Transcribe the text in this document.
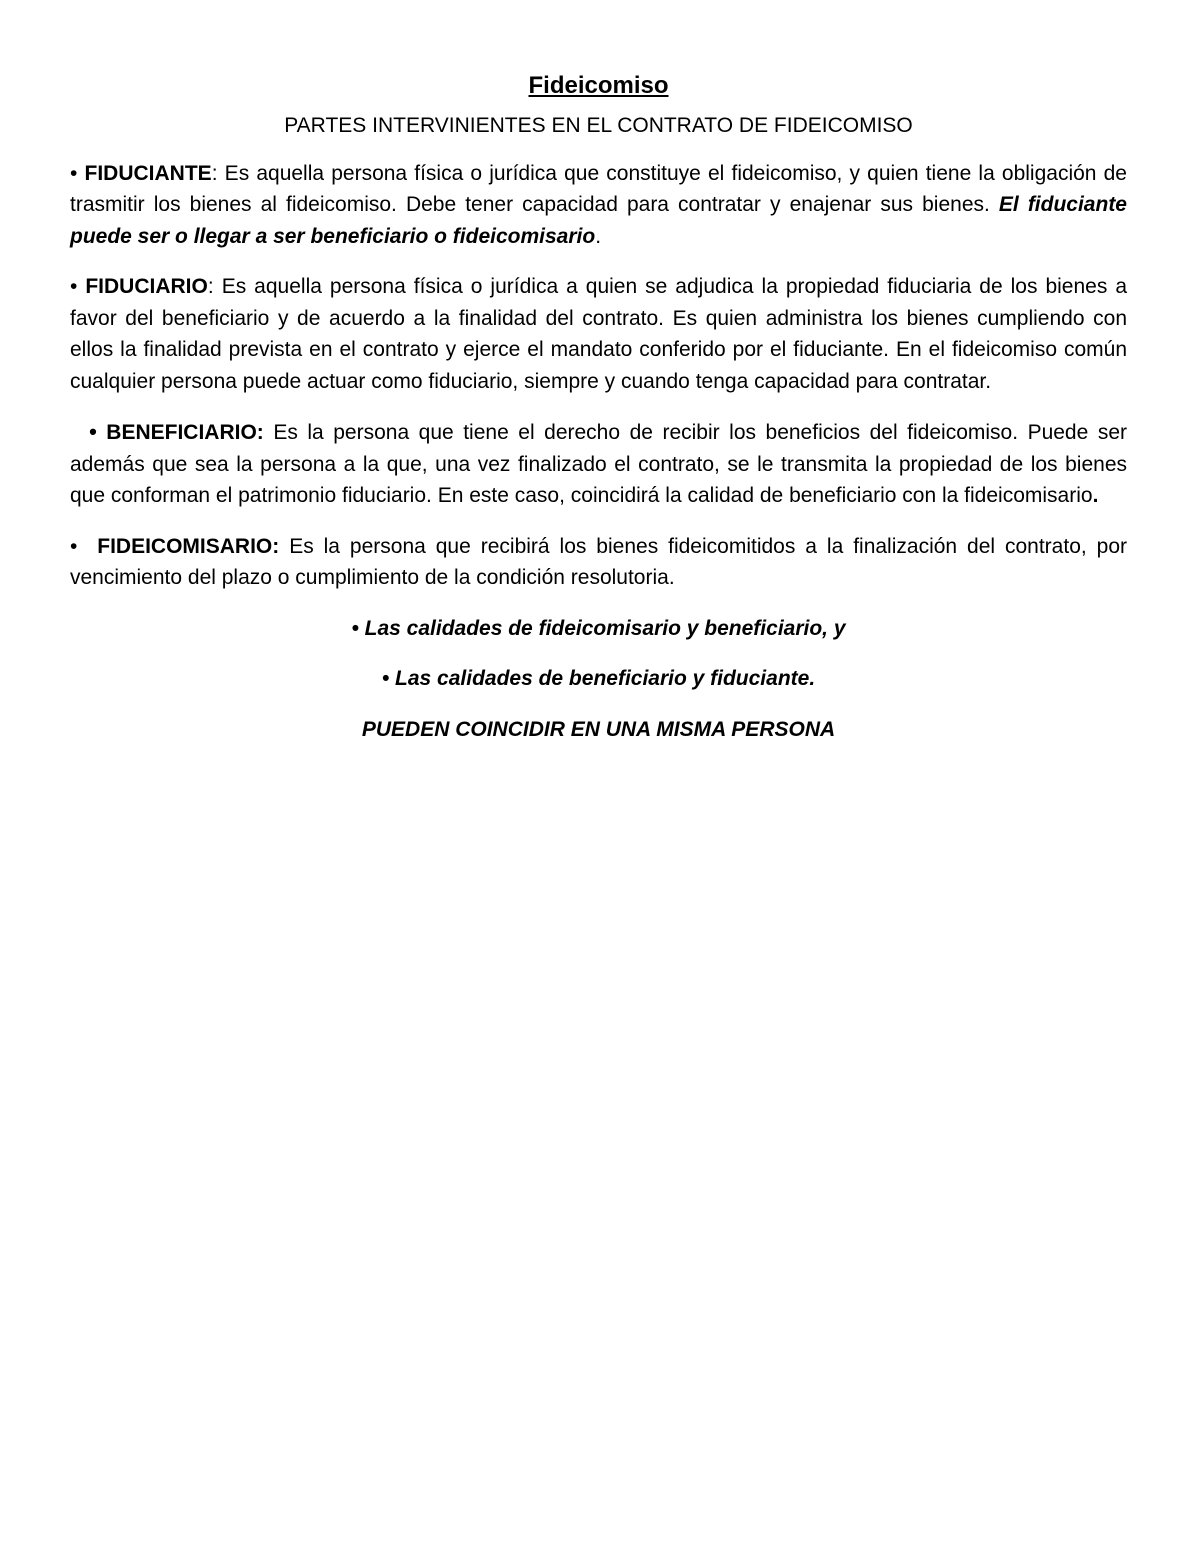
Fideicomiso
PARTES INTERVINIENTES EN EL CONTRATO DE FIDEICOMISO

• FIDUCIANTE: Es aquella persona física o jurídica que constituye el fideicomiso, y quien tiene la obligación de trasmitir los bienes al fideicomiso. Debe tener capacidad para contratar y enajenar sus bienes. El fiduciante puede ser o llegar a ser beneficiario o fideicomisario.

• FIDUCIARIO: Es aquella persona física o jurídica a quien se adjudica la propiedad fiduciaria de los bienes a favor del beneficiario y de acuerdo a la finalidad del contrato. Es quien administra los bienes cumpliendo con ellos la finalidad prevista en el contrato y ejerce el mandato conferido por el fiduciante. En el fideicomiso común cualquier persona puede actuar como fiduciario, siempre y cuando tenga capacidad para contratar.

• BENEFICIARIO: Es la persona que tiene el derecho de recibir los beneficios del fideicomiso. Puede ser además que sea la persona a la que, una vez finalizado el contrato, se le transmita la propiedad de los bienes que conforman el patrimonio fiduciario. En este caso, coincidirá la calidad de beneficiario con la fideicomisario.

• FIDEICOMISARIO: Es la persona que recibirá los bienes fideicomitidos a la finalización del contrato, por vencimiento del plazo o cumplimiento de la condición resolutoria.

• Las calidades de fideicomisario y beneficiario, y

• Las calidades de beneficiario y fiduciante.

PUEDEN COINCIDIR EN UNA MISMA PERSONA
